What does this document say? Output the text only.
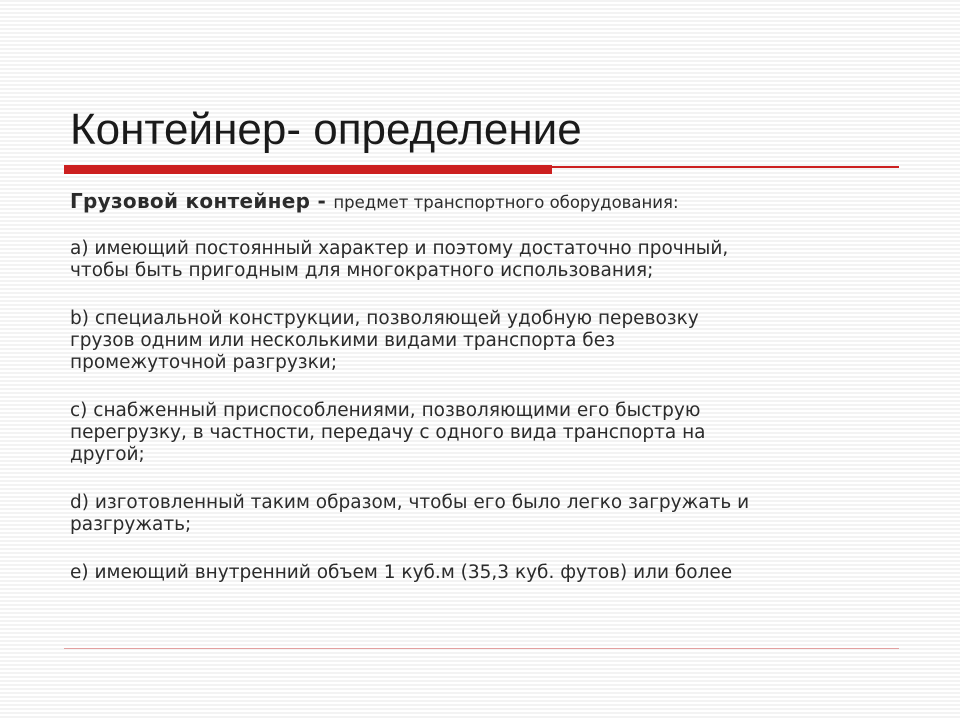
Контейнер- определение

Грузовой контейнер - предмет транспортного оборудования:

a) имеющий постоянный характер и поэтому достаточно прочный,
чтобы быть пригодным для многократного использования;

b) специальной конструкции, позволяющей удобную перевозку
грузов одним или несколькими видами транспорта без
промежуточной разгрузки;

c) снабженный приспособлениями, позволяющими его быструю
перегрузку, в частности, передачу с одного вида транспорта на
другой;

d) изготовленный таким образом, чтобы его было легко загружать и
разгружать;

e) имеющий внутренний объем 1 куб.м (35,3 куб. футов) или более
